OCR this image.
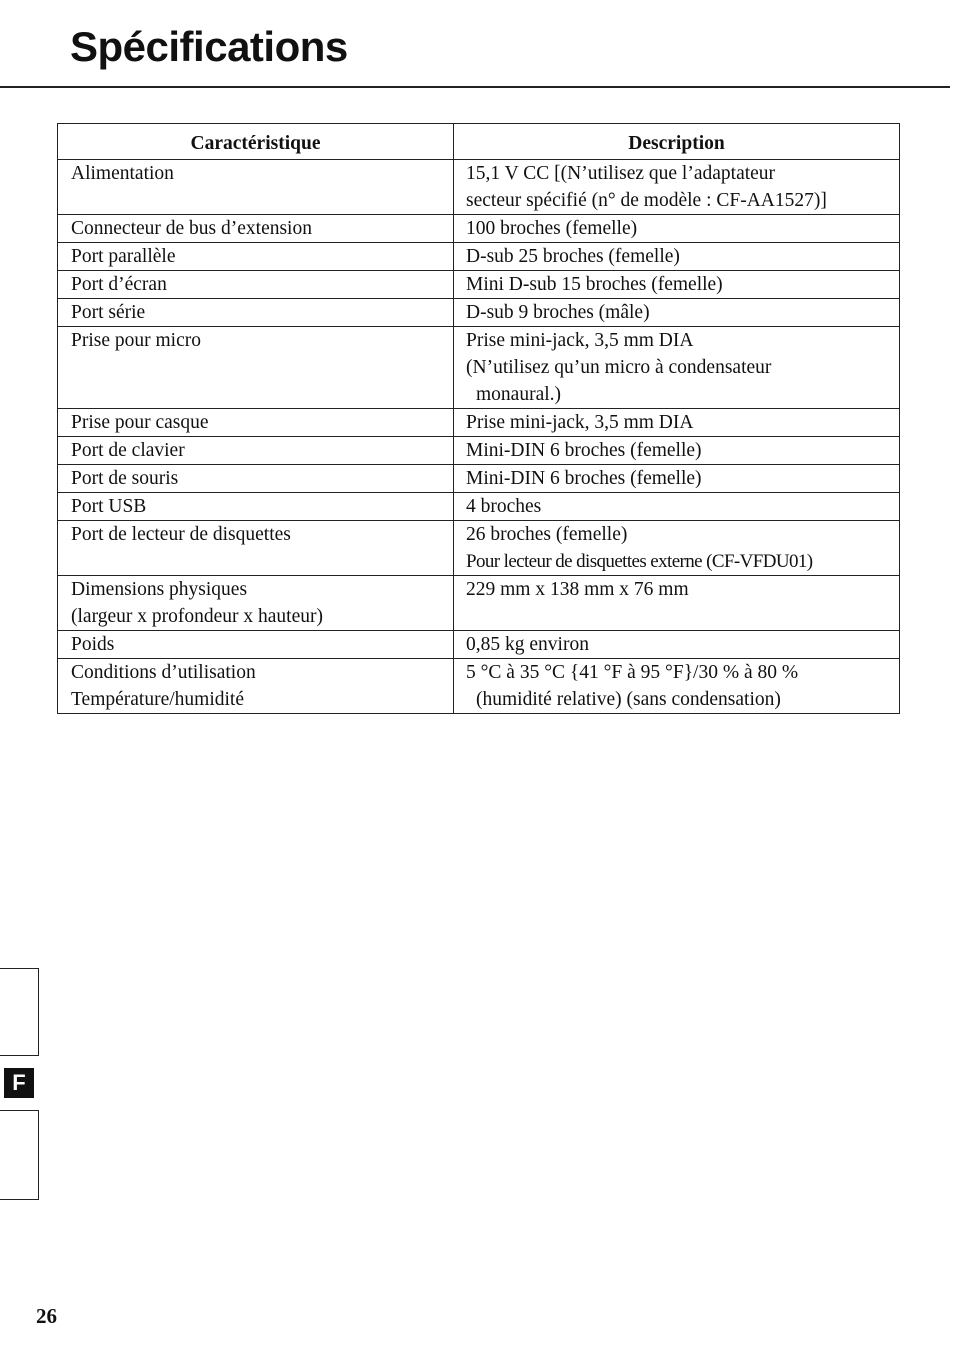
Spécifications
Caractéristique	Description

Alimentation	15,1 V CC [(N’utilisez que l’adaptateur
secteur spécifié (n° de modèle : CF-AA1527)]

Connecteur de bus d’extension	100 broches (femelle)

Port parallèle	D-sub 25 broches (femelle)

Port d’écran	Mini D-sub 15 broches (femelle)

Port série	D-sub 9 broches (mâle)

Prise pour micro	Prise mini-jack, 3,5 mm DIA
(N’utilisez qu’un micro à condensateur
monaural.)

Prise pour casque	Prise mini-jack, 3,5 mm DIA

Port de clavier	Mini-DIN 6 broches (femelle)

Port de souris	Mini-DIN 6 broches (femelle)

Port USB	4 broches

Port de lecteur de disquettes	26 broches (femelle)
Pour lecteur de disquettes externe (CF-VFDU01)

Dimensions physiques
(largeur x profondeur x hauteur)	229 mm x 138 mm x 76 mm

Poids	0,85 kg environ

Conditions d’utilisation
Température/humidité	5 °C à 35 °C {41 °F à 95 °F}/30 % à 80 %
(humidité relative) (sans condensation)
F
26
